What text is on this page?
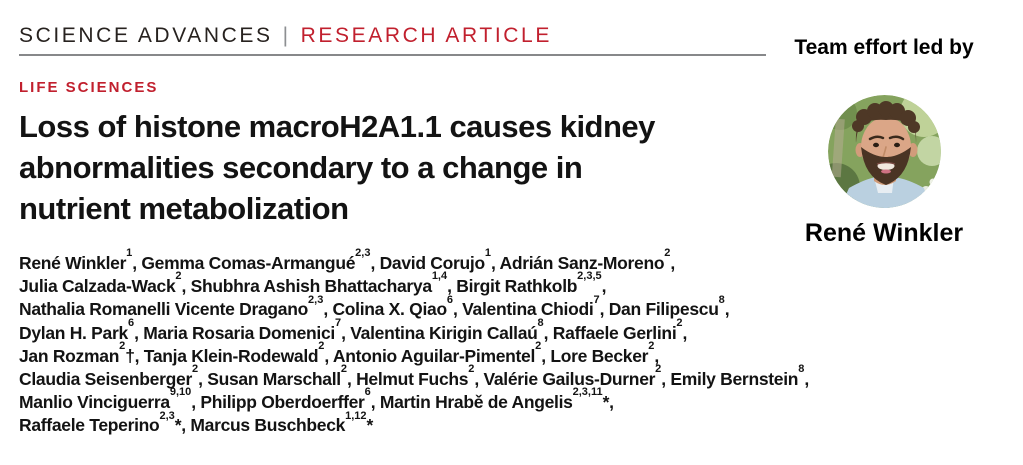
SCIENCE ADVANCES | RESEARCH ARTICLE
Team effort led by
LIFE SCIENCES
Loss of histone macroH2A1.1 causes kidney
abnormalities secondary to a change in
nutrient metabolization
René Winkler$^1$, Gemma Comas-Armangué$^{2,3}$, David Corujo$^1$, Adrián Sanz-Moreno$^2$,
Julia Calzada-Wack$^2$, Shubhra Ashish Bhattacharya$^{1,4}$, Birgit Rathkolb$^{2,3,5}$,
Nathalia Romanelli Vicente Dragano$^{2,3}$, Colina X. Qiao$^6$, Valentina Chiodi$^7$, Dan Filipescu$^8$,
Dylan H. Park$^6$, Maria Rosaria Domenici$^7$, Valentina Kirigin Callaú$^8$, Raffaele Gerlini$^2$,
Jan Rozman$^2$†, Tanja Klein-Rodewald$^2$, Antonio Aguilar-Pimentel$^2$, Lore Becker$^2$,
Claudia Seisenberger$^2$, Susan Marschall$^2$, Helmut Fuchs$^2$, Valérie Gailus-Durner$^2$, Emily Bernstein$^8$,
Manlio Vinciguerra$^{9,10}$, Philipp Oberdoerffer$^6$, Martin Hrabě de Angelis$^{2,3,11}$*,
Raffaele Teperino$^{2,3}$*, Marcus Buschbeck$^{1,12}$*
René Winkler
